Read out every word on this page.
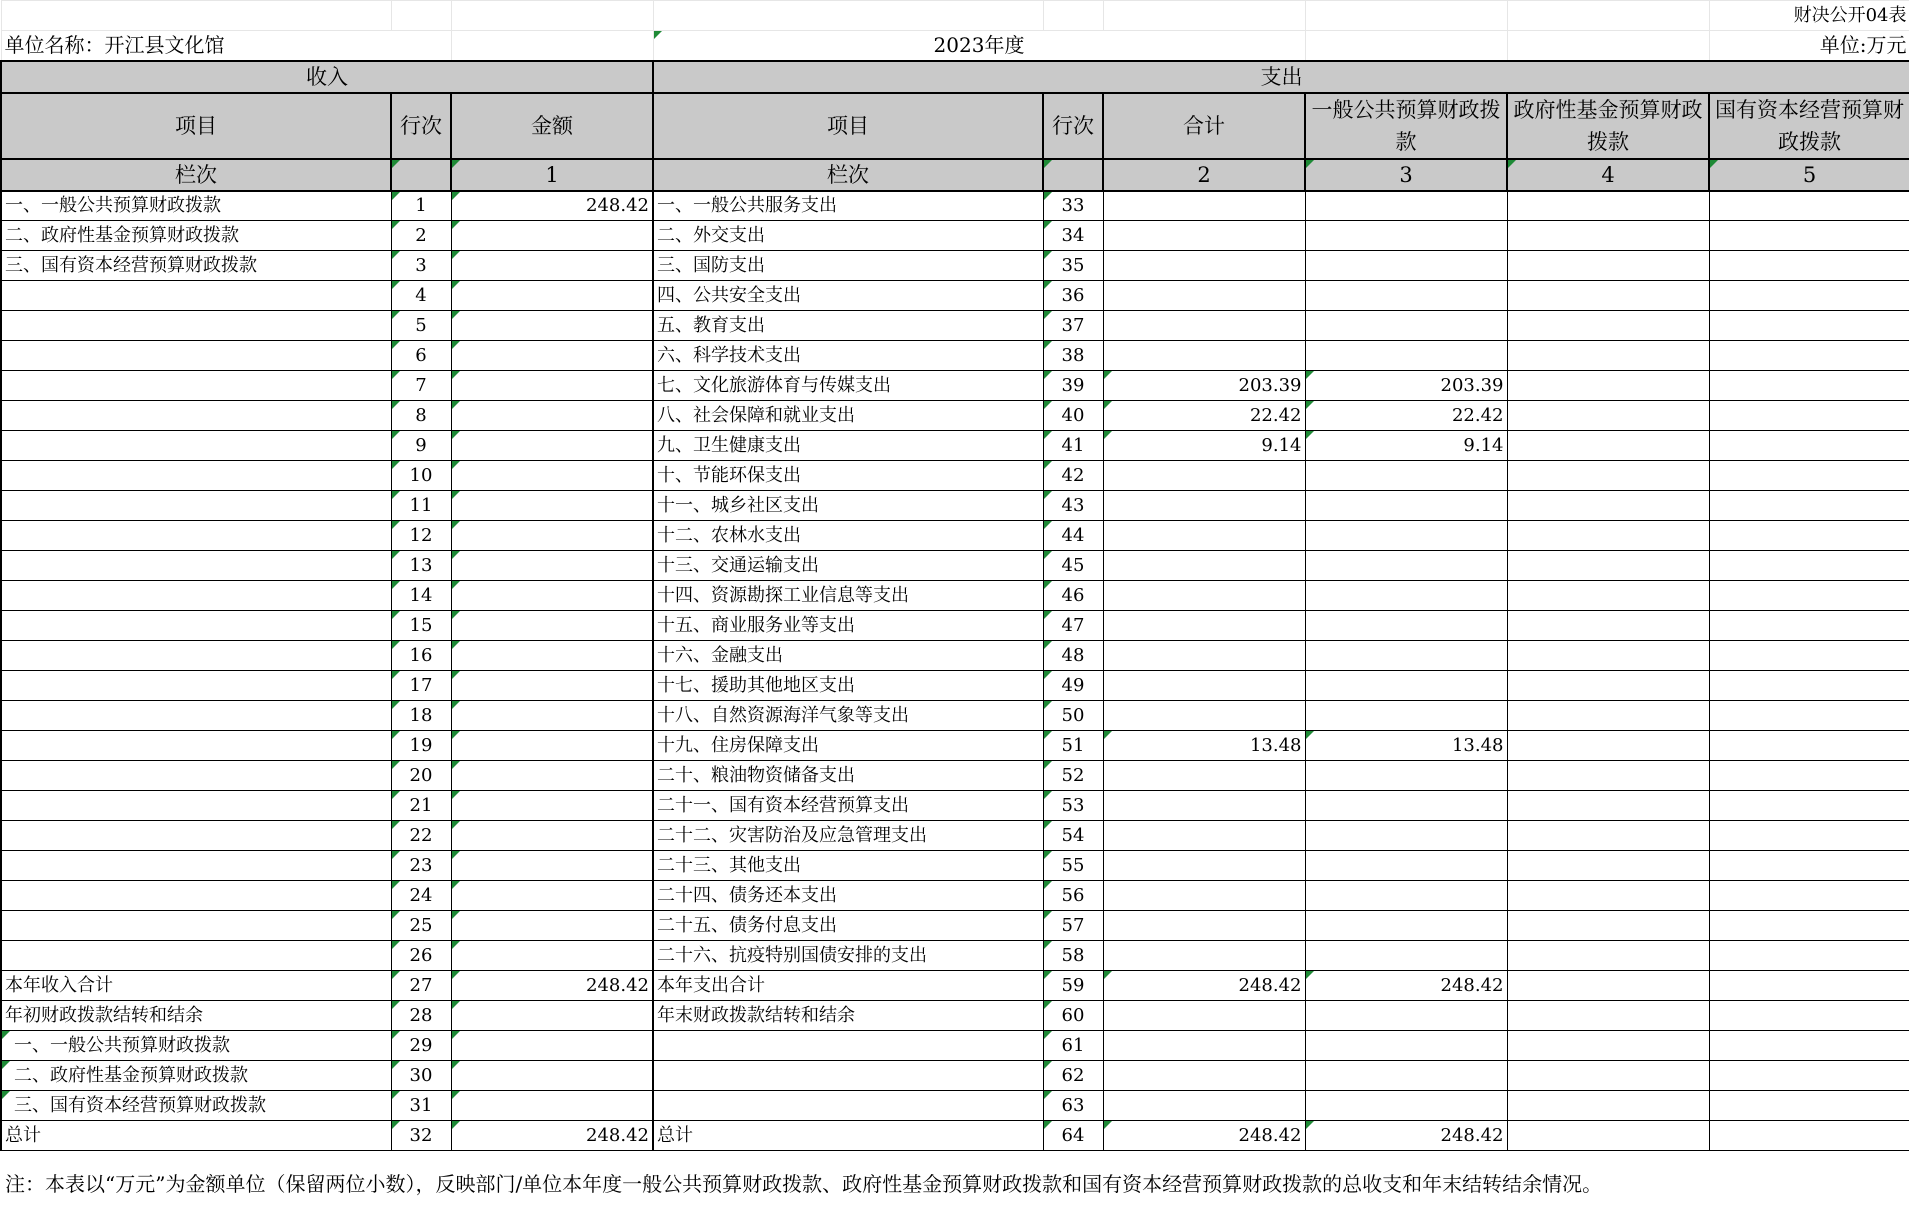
								财决公开04表
单位名称：开江县文化馆			2023年度					单位:万元
收入			支出					
项目	行次	金额	项目	行次	合计	一般公共预算财政拨款	政府性基金预算财政拨款	国有资本经营预算财政拨款
栏次		1	栏次		2	3	4	5
一、一般公共预算财政拨款	1	248.42	一、一般公共服务支出	33				
二、政府性基金预算财政拨款	2		二、外交支出	34				
三、国有资本经营预算财政拨款	3		三、国防支出	35				
	4		四、公共安全支出	36				
	5		五、教育支出	37				
	6		六、科学技术支出	38				
	7		七、文化旅游体育与传媒支出	39	203.39	203.39		
	8		八、社会保障和就业支出	40	22.42	22.42		
	9		九、卫生健康支出	41	9.14	9.14		
	10		十、节能环保支出	42				
	11		十一、城乡社区支出	43				
	12		十二、农林水支出	44				
	13		十三、交通运输支出	45				
	14		十四、资源勘探工业信息等支出	46				
	15		十五、商业服务业等支出	47				
	16		十六、金融支出	48				
	17		十七、援助其他地区支出	49				
	18		十八、自然资源海洋气象等支出	50				
	19		十九、住房保障支出	51	13.48	13.48		
	20		二十、粮油物资储备支出	52				
	21		二十一、国有资本经营预算支出	53				
	22		二十二、灾害防治及应急管理支出	54				
	23		二十三、其他支出	55				
	24		二十四、债务还本支出	56				
	25		二十五、债务付息支出	57				
	26		二十六、抗疫特别国债安排的支出	58				
本年收入合计	27	248.42	本年支出合计	59	248.42	248.42		
年初财政拨款结转和结余	28		年末财政拨款结转和结余	60				
一、一般公共预算财政拨款	29			61				
二、政府性基金预算财政拨款	30			62				
三、国有资本经营预算财政拨款	31			63				
总计	32	248.42	总计	64	248.42	248.42		
注：本表以“万元”为金额单位（保留两位小数），反映部门/单位本年度一般公共预算财政拨款、政府性基金预算财政拨款和国有资本经营预算财政拨款的总收支和年末结转结余情况。
